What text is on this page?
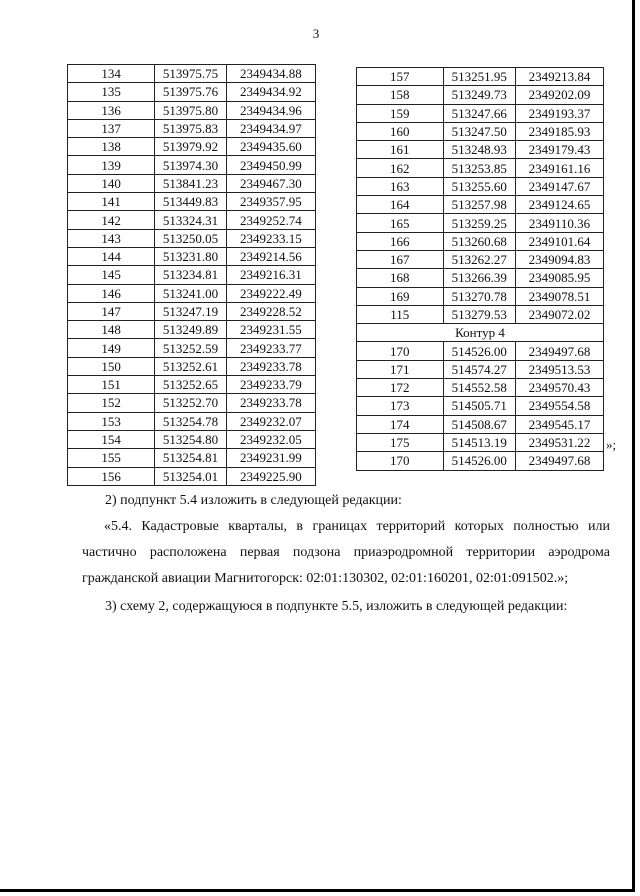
3
134	513975.75	2349434.88
135	513975.76	2349434.92
136	513975.80	2349434.96
137	513975.83	2349434.97
138	513979.92	2349435.60
139	513974.30	2349450.99
140	513841.23	2349467.30
141	513449.83	2349357.95
142	513324.31	2349252.74
143	513250.05	2349233.15
144	513231.80	2349214.56
145	513234.81	2349216.31
146	513241.00	2349222.49
147	513247.19	2349228.52
148	513249.89	2349231.55
149	513252.59	2349233.77
150	513252.61	2349233.78
151	513252.65	2349233.79
152	513252.70	2349233.78
153	513254.78	2349232.07
154	513254.80	2349232.05
155	513254.81	2349231.99
156	513254.01	2349225.90
157	513251.95	2349213.84
158	513249.73	2349202.09
159	513247.66	2349193.37
160	513247.50	2349185.93
161	513248.93	2349179.43
162	513253.85	2349161.16
163	513255.60	2349147.67
164	513257.98	2349124.65
165	513259.25	2349110.36
166	513260.68	2349101.64
167	513262.27	2349094.83
168	513266.39	2349085.95
169	513270.78	2349078.51
115	513279.53	2349072.02
Контур 4		
170	514526.00	2349497.68
171	514574.27	2349513.53
172	514552.58	2349570.43
173	514505.71	2349554.58
174	514508.67	2349545.17
175	514513.19	2349531.22
170	514526.00	2349497.68
»;

2) подпункт 5.4 изложить в следующей редакции:

«5.4. Кадастровые кварталы, в границах территорий которых полностью или частично расположена первая подзона приаэродромной территории аэродрома гражданской авиации Магнитогорск: 02:01:130302, 02:01:160201, 02:01:091502.»;

3) схему 2, содержащуюся в подпункте 5.5, изложить в следующей редакции:
